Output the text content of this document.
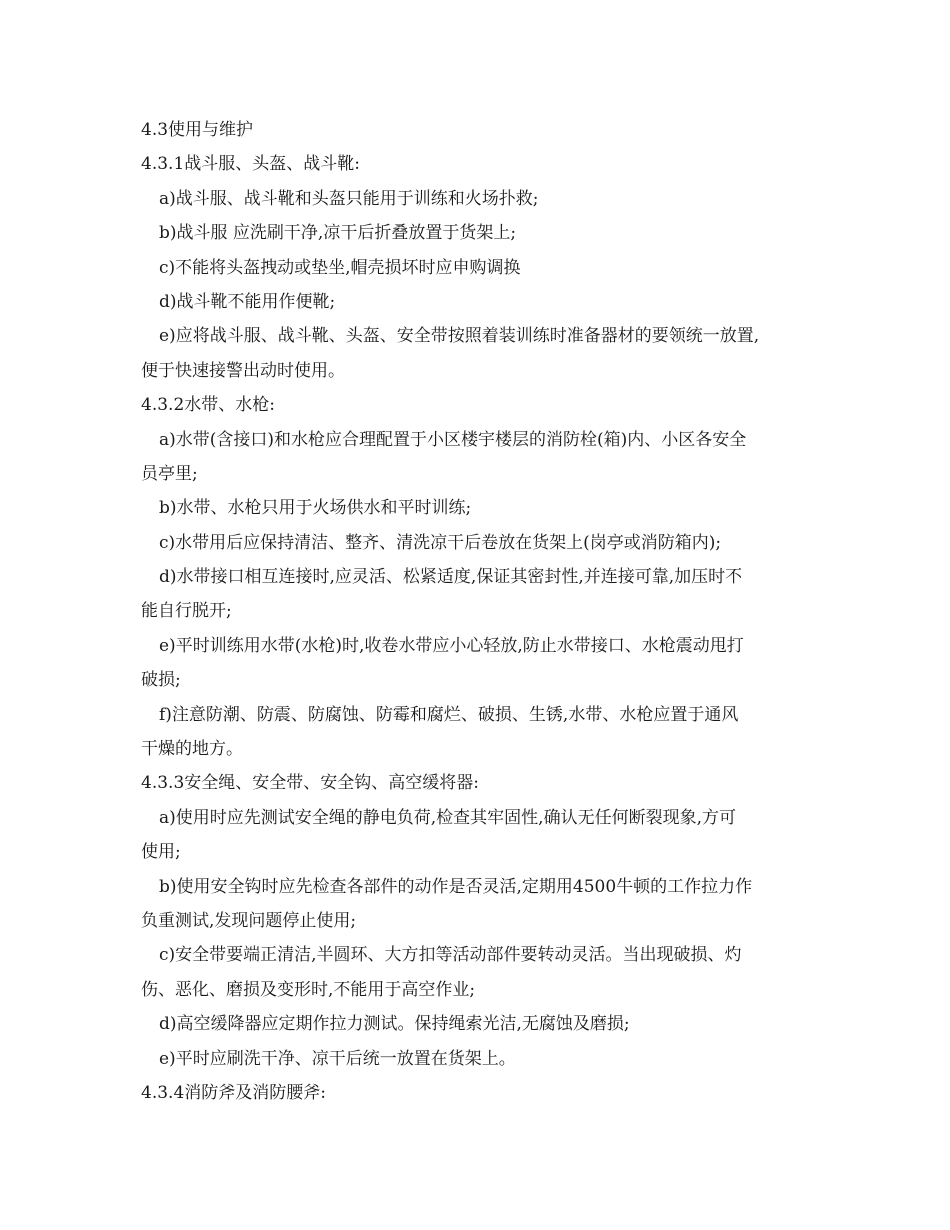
4.3使用与维护
4.3.1战斗服、头盔、战斗靴:
a)战斗服、战斗靴和头盔只能用于训练和火场扑救;
b)战斗服 应洗刷干净,凉干后折叠放置于货架上;
c)不能将头盔拽动或垫坐,帽壳损坏时应申购调换
d)战斗靴不能用作便靴;
e)应将战斗服、战斗靴、头盔、安全带按照着装训练时准备器材的要领统一放置,
便于快速接警出动时使用。
4.3.2水带、水枪:
a)水带(含接口)和水枪应合理配置于小区楼宇楼层的消防栓(箱)内、小区各安全
员亭里;
b)水带、水枪只用于火场供水和平时训练;
c)水带用后应保持清洁、整齐、清洗凉干后卷放在货架上(岗亭或消防箱内);
d)水带接口相互连接时,应灵活、松紧适度,保证其密封性,并连接可靠,加压时不
能自行脱开;
e)平时训练用水带(水枪)时,收卷水带应小心轻放,防止水带接口、水枪震动甩打
破损;
f)注意防潮、防震、防腐蚀、防霉和腐烂、破损、生锈,水带、水枪应置于通风
干燥的地方。
4.3.3安全绳、安全带、安全钩、高空缓将器:
a)使用时应先测试安全绳的静电负荷,检查其牢固性,确认无任何断裂现象,方可
使用;
b)使用安全钩时应先检查各部件的动作是否灵活,定期用4500牛顿的工作拉力作
负重测试,发现问题停止使用;
c)安全带要端正清洁,半圆环、大方扣等活动部件要转动灵活。当出现破损、灼
伤、恶化、磨损及变形时,不能用于高空作业;
d)高空缓降器应定期作拉力测试。保持绳索光洁,无腐蚀及磨损;
e)平时应刷洗干净、凉干后统一放置在货架上。
4.3.4消防斧及消防腰斧:
